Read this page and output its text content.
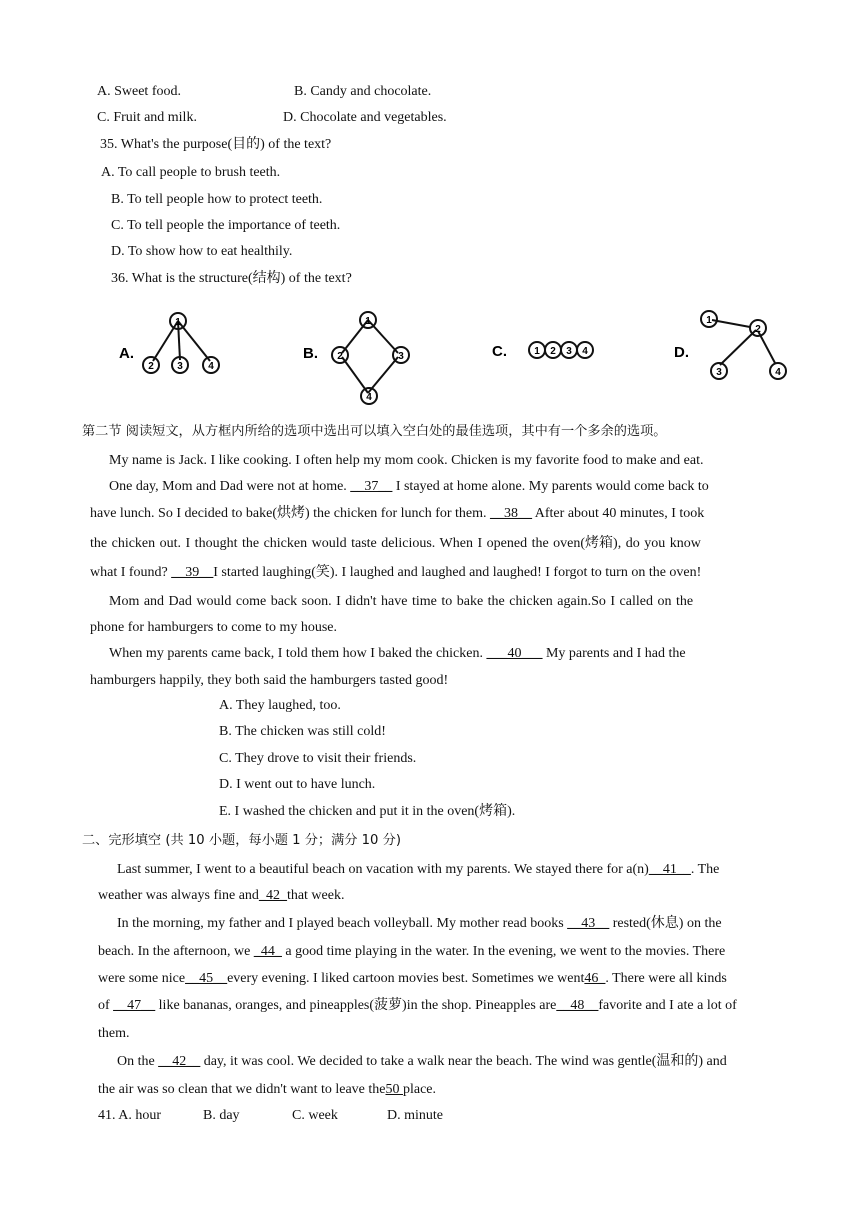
A. Sweet food.	B. Candy and chocolate.
C. Fruit and milk.	D. Chocolate and vegetables.
35. What's the purpose(目的) of the text?
A. To call people to brush teeth.
B. To tell people how to protect teeth.
C. To tell people the importance of teeth.
D. To show how to eat healthily.
36. What is the structure(结构) of the text?
A.
1
2 3	4
B.
1
2	3
4
C.	1 2 3 4	D.
1
2
3	4
第二节 阅读短文，从方框内所给的选项中选出可以填入空白处的最佳选项，其中有一个多余的选项。
My name is Jack. I like cooking. I often help my mom cook. Chicken is my favorite food to make and eat.
One day, Mom and Dad were not at home. __37__ I stayed at home alone. My parents would come back to
have lunch. So I decided to bake(烘烤) the chicken for lunch for them. __38__ After about 40 minutes, I took
the chicken out. I thought the chicken would taste delicious. When I opened the oven(烤箱), do you know
what I found? __39__I started laughing(笑). I laughed and laughed and laughed! I forgot to turn on the oven!
Mom and Dad would come back soon. I didn't have time to bake the chicken again.So I called on the
phone for hamburgers to come to my house.
When my parents came back, I told them how I baked the chicken. ___40___ My parents and I had the
hamburgers happily, they both said the hamburgers tasted good!
A. They laughed, too.
B. The chicken was still cold!
C. They drove to visit their friends.
D. I went out to have lunch.
E. I washed the chicken and put it in the oven(烤箱).
二、完形填空 (共 10 小题，每小题 1 分；满分 10 分)
Last summer, I went to a beautiful beach on vacation with my parents. We stayed there for a(n)__41__. The
weather was always fine and_42_that week.
In the morning, my father and I played beach volleyball. My mother read books __43__ rested(休息) on the
beach. In the afternoon, we _44_ a good time playing in the water. In the evening, we went to the movies. There
were some nice__45__every evening. I liked cartoon movies best. Sometimes we went46_. There were all kinds
of __47__ like bananas, oranges, and pineapples(菠萝)in the shop. Pineapples are__48__favorite and I ate a lot of
them.
On the __42__ day, it was cool. We decided to take a walk near the beach. The wind was gentle(温和的) and
the air was so clean that we didn't want to leave the50 place.
41. A. hour	B. day	C. week	D. minute
